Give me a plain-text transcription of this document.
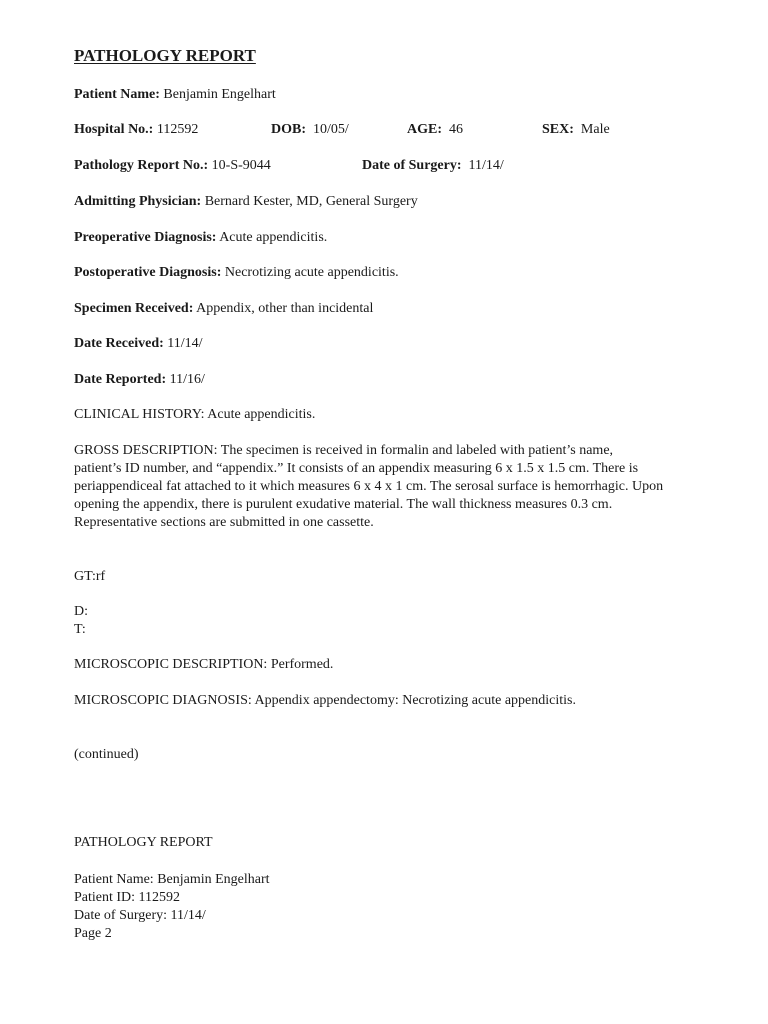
PATHOLOGY REPORT
Patient Name: Benjamin Engelhart
Hospital No.: 112592	DOB: 10/05/	AGE: 46	SEX: Male
Pathology Report No.: 10-S-9044	Date of Surgery: 11/14/
Admitting Physician: Bernard Kester, MD, General Surgery
Preoperative Diagnosis: Acute appendicitis.
Postoperative Diagnosis: Necrotizing acute appendicitis.
Specimen Received: Appendix, other than incidental
Date Received: 11/14/
Date Reported: 11/16/
CLINICAL HISTORY: Acute appendicitis.
GROSS DESCRIPTION: The specimen is received in formalin and labeled with patient’s name,
patient’s ID number, and “appendix.” It consists of an appendix measuring 6 x 1.5 x 1.5 cm. There is
periappendiceal fat attached to it which measures 6 x 4 x 1 cm. The serosal surface is hemorrhagic. Upon
opening the appendix, there is purulent exudative material. The wall thickness measures 0.3 cm.
Representative sections are submitted in one cassette.
GT:rf
D:
T:
MICROSCOPIC DESCRIPTION: Performed.
MICROSCOPIC DIAGNOSIS: Appendix appendectomy: Necrotizing acute appendicitis.
(continued)
PATHOLOGY REPORT
Patient Name: Benjamin Engelhart
Patient ID: 112592
Date of Surgery: 11/14/
Page 2
